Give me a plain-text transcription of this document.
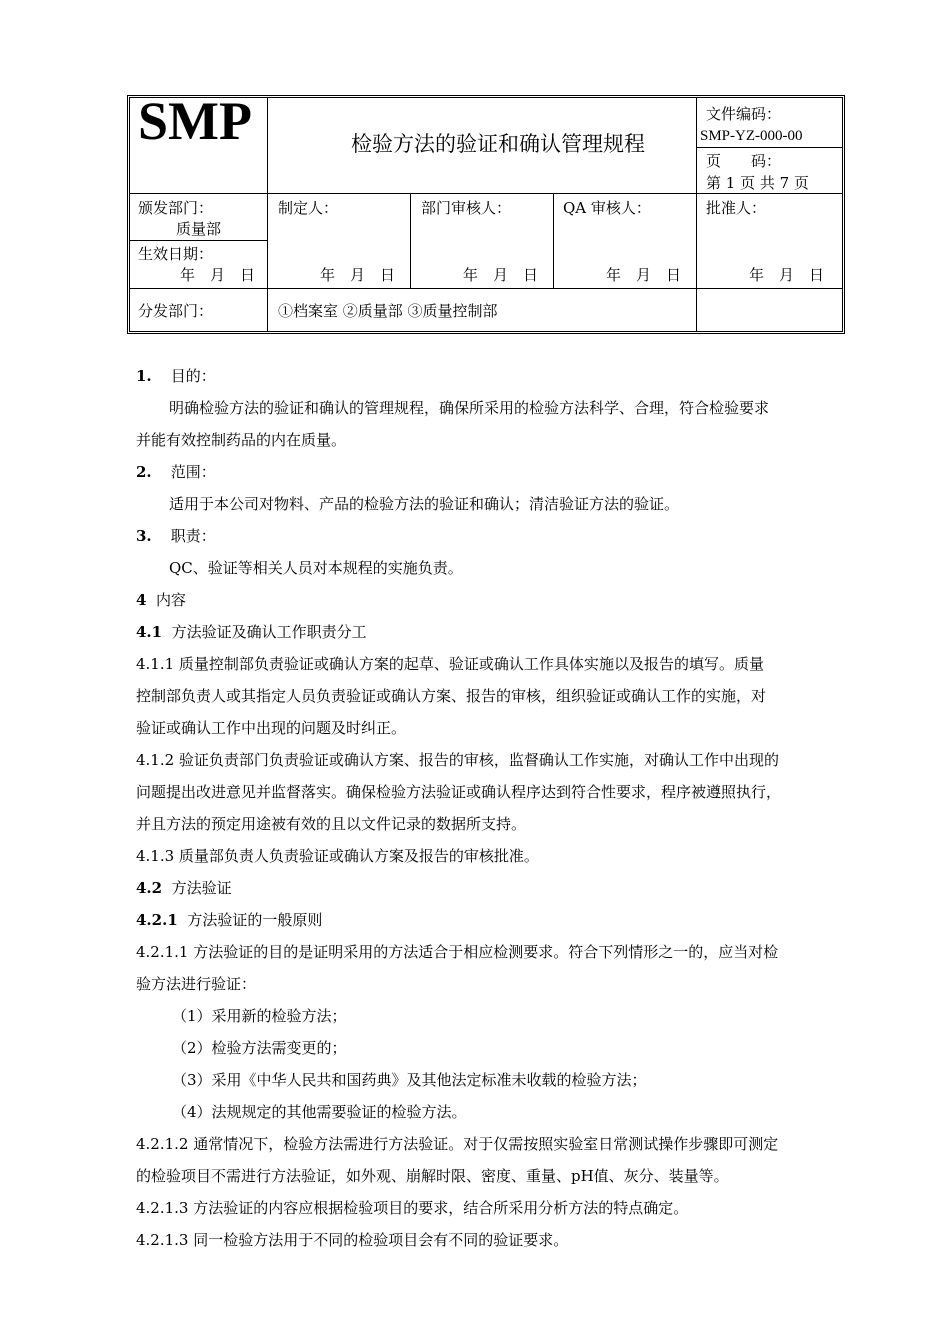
SMP	检验方法的验证和确认管理规程
文件编码：
SMP-YZ-000-00
页　　码：
第 1 页 共 7 页
颁发部门：
质量部
生效日期：
年　月　日
制定人：
年　月　日
部门审核人：
年　月　日
QA 审核人：
年　月　日
批准人：
年　月　日
分发部门：	①档案室 ②质量部 ③质量控制部

1. 目的：

明确检验方法的验证和确认的管理规程，确保所采用的检验方法科学、合理，符合检验要求

并能有效控制药品的内在质量。

2. 范围：

适用于本公司对物料、产品的检验方法的验证和确认；清洁验证方法的验证。

3. 职责：

QC、验证等相关人员对本规程的实施负责。

4 内容

4.1 方法验证及确认工作职责分工

4.1.1 质量控制部负责验证或确认方案的起草、验证或确认工作具体实施以及报告的填写。质量

控制部负责人或其指定人员负责验证或确认方案、报告的审核，组织验证或确认工作的实施，对

验证或确认工作中出现的问题及时纠正。

4.1.2 验证负责部门负责验证或确认方案、报告的审核，监督确认工作实施，对确认工作中出现的

问题提出改进意见并监督落实。确保检验方法验证或确认程序达到符合性要求，程序被遵照执行，

并且方法的预定用途被有效的且以文件记录的数据所支持。

4.1.3 质量部负责人负责验证或确认方案及报告的审核批准。

4.2 方法验证

4.2.1 方法验证的一般原则

4.2.1.1 方法验证的目的是证明采用的方法适合于相应检测要求。符合下列情形之一的，应当对检

验方法进行验证：

（1）采用新的检验方法；

（2）检验方法需变更的；

（3）采用《中华人民共和国药典》及其他法定标准未收载的检验方法；

（4）法规规定的其他需要验证的检验方法。

4.2.1.2 通常情况下，检验方法需进行方法验证。对于仅需按照实验室日常测试操作步骤即可测定

的检验项目不需进行方法验证，如外观、崩解时限、密度、重量、pH值、灰分、装量等。

4.2.1.3 方法验证的内容应根据检验项目的要求，结合所采用分析方法的特点确定。

4.2.1.3 同一检验方法用于不同的检验项目会有不同的验证要求。
